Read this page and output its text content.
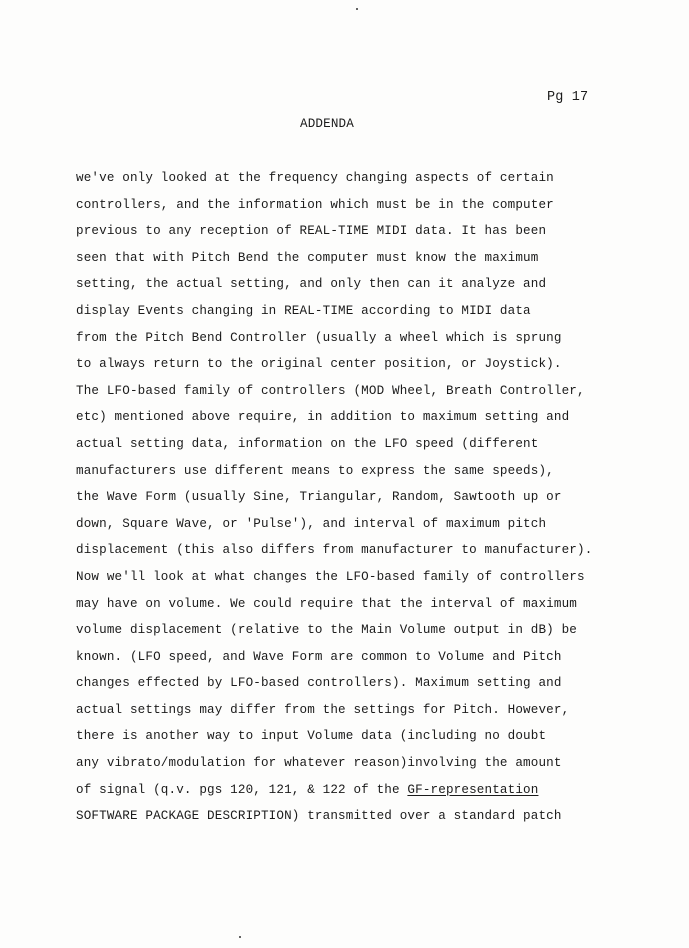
Pg 17
ADDENDA
we've only looked at the frequency changing aspects of certain
controllers, and the information which must be in the computer
previous to any reception of REAL-TIME MIDI data. It has been
seen that with Pitch Bend the computer must know the maximum
setting, the actual setting, and only then can it analyze and
display Events changing in REAL-TIME according to MIDI data
from the Pitch Bend Controller (usually a wheel which is sprung
to always return to the original center position, or Joystick).
The LFO-based family of controllers (MOD Wheel, Breath Controller,
etc) mentioned above require, in addition to maximum setting and
actual setting data, information on the LFO speed (different
manufacturers use different means to express the same speeds),
the Wave Form (usually Sine, Triangular, Random, Sawtooth up or
down, Square Wave, or 'Pulse'), and interval of maximum pitch
displacement (this also differs from manufacturer to manufacturer).
Now we'll look at what changes the LFO-based family of controllers
may have on volume. We could require that the interval of maximum
volume displacement (relative to the Main Volume output in dB) be
known. (LFO speed, and Wave Form are common to Volume and Pitch
changes effected by LFO-based controllers). Maximum setting and
actual settings may differ from the settings for Pitch. However,
there is another way to input Volume data (including no doubt
any vibrato/modulation for whatever reason)involving the amount
of signal (q.v. pgs 120, 121, & 122 of the GF-representation
SOFTWARE PACKAGE DESCRIPTION) transmitted over a standard patch
